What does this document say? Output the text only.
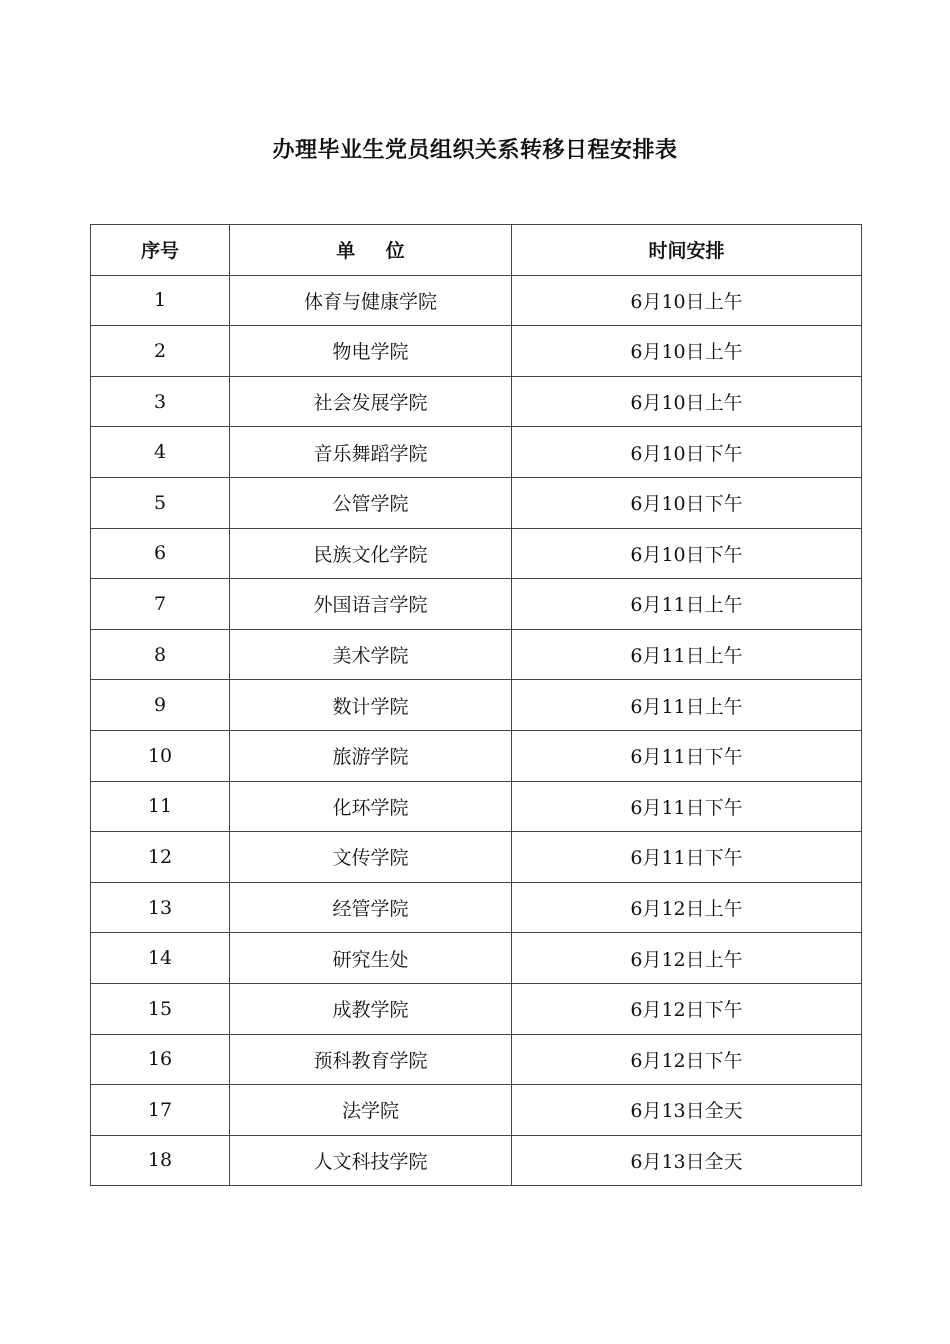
办理毕业生党员组织关系转移日程安排表
序号	单位	时间安排
1	体育与健康学院	6月10日上午
2	物电学院	6月10日上午
3	社会发展学院	6月10日上午
4	音乐舞蹈学院	6月10日下午
5	公管学院	6月10日下午
6	民族文化学院	6月10日下午
7	外国语言学院	6月11日上午
8	美术学院	6月11日上午
9	数计学院	6月11日上午
10	旅游学院	6月11日下午
11	化环学院	6月11日下午
12	文传学院	6月11日下午
13	经管学院	6月12日上午
14	研究生处	6月12日上午
15	成教学院	6月12日下午
16	预科教育学院	6月12日下午
17	法学院	6月13日全天
18	人文科技学院	6月13日全天
